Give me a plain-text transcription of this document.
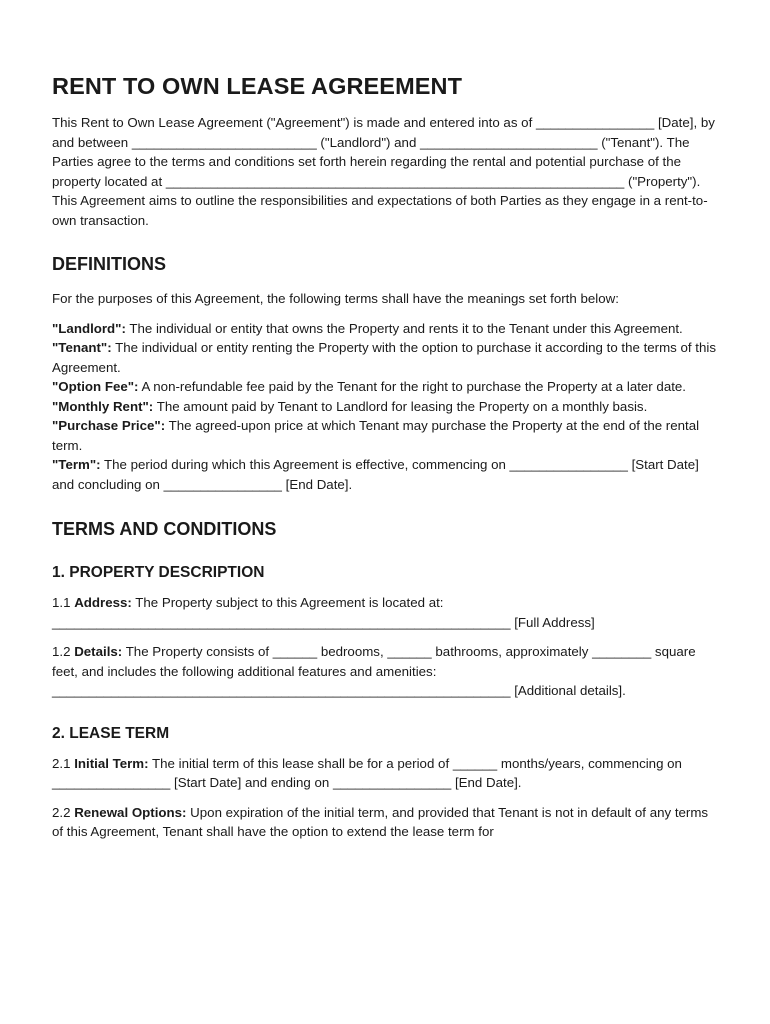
RENT TO OWN LEASE AGREEMENT

This Rent to Own Lease Agreement ("Agreement") is made and entered into as of ________________ [Date], by and between _________________________ ("Landlord") and ________________________ ("Tenant"). The Parties agree to the terms and conditions set forth herein regarding the rental and potential purchase of the property located at ______________________________________________________________ ("Property"). This Agreement aims to outline the responsibilities and expectations of both Parties as they engage in a rent-to-own transaction.

DEFINITIONS

For the purposes of this Agreement, the following terms shall have the meanings set forth below:

"Landlord": The individual or entity that owns the Property and rents it to the Tenant under this Agreement.

"Tenant": The individual or entity renting the Property with the option to purchase it according to the terms of this Agreement.

"Option Fee": A non-refundable fee paid by the Tenant for the right to purchase the Property at a later date.

"Monthly Rent": The amount paid by Tenant to Landlord for leasing the Property on a monthly basis.

"Purchase Price": The agreed-upon price at which Tenant may purchase the Property at the end of the rental term.

"Term": The period during which this Agreement is effective, commencing on ________________ [Start Date] and concluding on ________________ [End Date].

TERMS AND CONDITIONS
1. PROPERTY DESCRIPTION

1.1 Address: The Property subject to this Agreement is located at: ______________________________________________________________ [Full Address]

1.2 Details: The Property consists of ______ bedrooms, ______ bathrooms, approximately ________ square feet, and includes the following additional features and amenities: ______________________________________________________________ [Additional details].

2. LEASE TERM

2.1 Initial Term: The initial term of this lease shall be for a period of ______ months/years, commencing on ________________ [Start Date] and ending on ________________ [End Date].

2.2 Renewal Options: Upon expiration of the initial term, and provided that Tenant is not in default of any terms of this Agreement, Tenant shall have the option to extend the lease term for
